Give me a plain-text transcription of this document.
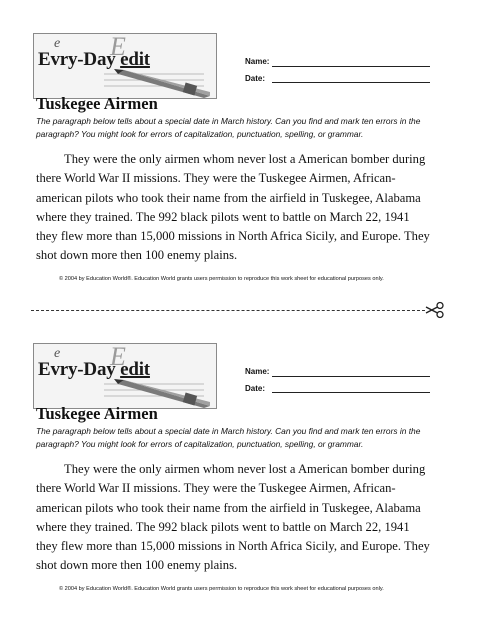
e E
Evry-Day edit	Name:
Date:
Tuskegee Airmen
The paragraph below tells about a special date in March history. Can you find and mark ten errors in the paragraph? You might look for errors of capitalization, punctuation, spelling, or grammar.
They were the only airmen whom never lost a American bomber during
there World War II missions. They were the Tuskegee Airmen, African-
american pilots who took their name from the airfield in Tuskegee, Alabama
where they trained. The 992 black pilots went to battle on March 22, 1941
they flew more than 15,000 missions in North Africa Sicily, and Europe. They
shot down more then 100 enemy plains.
© 2004 by Education World®. Education World grants users permission to reproduce this work sheet for educational purposes only.
e E
Evry-Day edit	Name:
Date:
Tuskegee Airmen
The paragraph below tells about a special date in March history. Can you find and mark ten errors in the paragraph? You might look for errors of capitalization, punctuation, spelling, or grammar.
They were the only airmen whom never lost a American bomber during
there World War II missions. They were the Tuskegee Airmen, African-
american pilots who took their name from the airfield in Tuskegee, Alabama
where they trained. The 992 black pilots went to battle on March 22, 1941
they flew more than 15,000 missions in North Africa Sicily, and Europe. They
shot down more then 100 enemy plains.
© 2004 by Education World®. Education World grants users permission to reproduce this work sheet for educational purposes only.
